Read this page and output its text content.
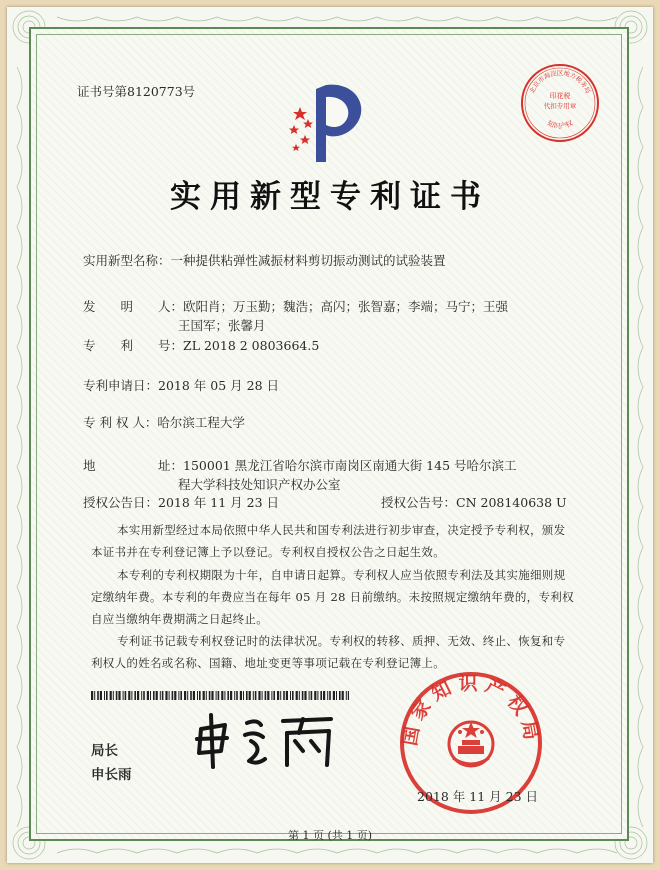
证书号第8120773号	北京市海淀区地方税务局
印花税
代扣专用章
知识产权
实用新型专利证书
实用新型名称：一种提供粘弹性减振材料剪切振动测试的试验装置
发　　明　　人：欧阳肖；万玉勤；魏浩；高闪；张智嘉；李端；马宁；王强
王国军；张馨月
专　　利　　号：ZL 2018 2 0803664.5
专利申请日：2018 年 05 月 28 日
专 利 权 人：哈尔滨工程大学
地　　　　　址：150001 黑龙江省哈尔滨市南岗区南通大街 145 号哈尔滨工
程大学科技处知识产权办公室
授权公告日：2018 年 11 月 23 日	授权公告号：CN 208140638 U
本实用新型经过本局依照中华人民共和国专利法进行初步审查，决定授予专利权，颁发
本证书并在专利登记簿上予以登记。专利权自授权公告之日起生效。
本专利的专利权期限为十年，自申请日起算。专利权人应当依照专利法及其实施细则规
定缴纳年费。本专利的年费应当在每年 05 月 28 日前缴纳。未按照规定缴纳年费的，专利权
自应当缴纳年费期满之日起终止。
专利证书记载专利权登记时的法律状况。专利权的转移、质押、无效、终止、恢复和专
利权人的姓名或名称、国籍、地址变更等事项记载在专利登记簿上。
局长
申长雨
国家知识产权局
2018 年 11 月 23 日
第 1 页 (共 1 页)
